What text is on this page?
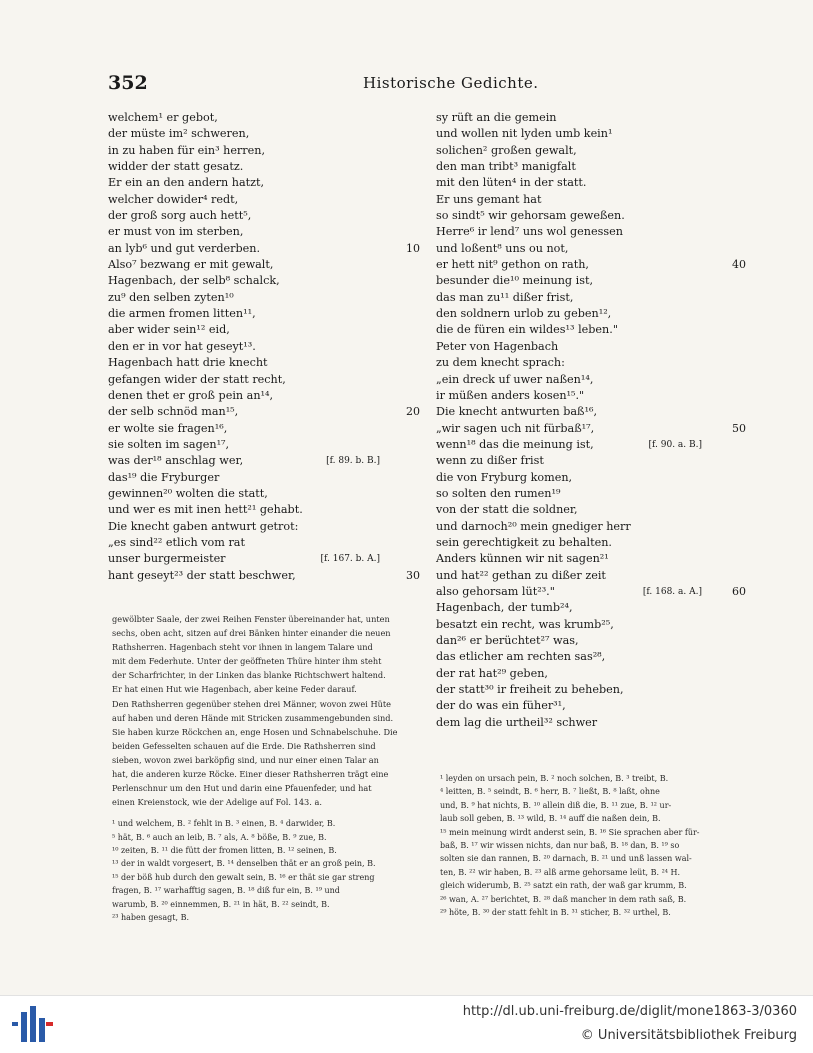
352	Historische Gedichte.
welchem¹ er gebot,
der müste im² schweren,
in zu haben für ein³ herren,
widder der statt gesatz.
Er ein an den andern hatzt,
welcher dowider⁴ redt,
der groß sorg auch hett⁵,
er must von im sterben,
an lyb⁶ und gut verderben.	10
Also⁷ bezwang er mit gewalt,
Hagenbach, der selb⁸ schalck,
zu⁹ den selben zyten¹⁰
die armen fromen litten¹¹,
aber wider sein¹² eid,
den er in vor hat geseyt¹³.
Hagenbach hatt drie knecht
gefangen wider der statt recht,
denen thet er groß pein an¹⁴,
der selb schnöd man¹⁵,	20
er wolte sie fragen¹⁶,
sie solten im sagen¹⁷,
was der¹⁸ anschlag wer,	[f. 89. b. B.]
das¹⁹ die Fryburger
gewinnen²⁰ wolten die statt,
und wer es mit inen hett²¹ gehabt.
Die knecht gaben antwurt getrot:
„es sind²² etlich vom rat
unser burgermeister	[f. 167. b. A.]
hant geseyt²³ der statt beschwer,	30
sy rüft an die gemein
und wollen nit lyden umb kein¹
solichen² großen gewalt,
den man tribt³ manigfalt
mit den lüten⁴ in der statt.
Er uns gemant hat
so sindt⁵ wir gehorsam geweßen.
Herre⁶ ir lend⁷ uns wol genessen
und loßent⁸ uns ou not,
er hett nit⁹ gethon on rath,	40
besunder die¹⁰ meinung ist,
das man zu¹¹ dißer frist,
den soldnern urlob zu geben¹²,
die de füren ein wildes¹³ leben."
Peter von Hagenbach
zu dem knecht sprach:
„ein dreck uf uwer naßen¹⁴,
ir müßen anders kosen¹⁵."
Die knecht antwurten baß¹⁶,
„wir sagen uch nit fürbaß¹⁷,	50
wenn¹⁸ das die meinung ist,	[f. 90. a. B.]
wenn zu dißer frist
die von Fryburg komen,
so solten den rumen¹⁹
von der statt die soldner,
und darnoch²⁰ mein gnediger herr
sein gerechtigkeit zu behalten.
Anders künnen wir nit sagen²¹
und hat²² gethan zu dißer zeit
also gehorsam lüt²³."	[f. 168. a. A.]	60
Hagenbach, der tumb²⁴,
besatzt ein recht, was krumb²⁵,
dan²⁶ er berüchtet²⁷ was,
das etlicher am rechten sas²⁸,
der rat hat²⁹ geben,
der statt³⁰ ir freiheit zu beheben,
der do was ein füher³¹,
dem lag die urtheil³² schwer
gewölbter Saale, der zwei Reihen Fenster übereinander hat, unten
sechs, oben acht, sitzen auf drei Bänken hinter einander die neuen
Rathsherren. Hagenbach steht vor ihnen in langem Talare und
mit dem Federhute. Unter der geöffneten Thüre hinter ihm steht
der Scharfrichter, in der Linken das blanke Richtschwert haltend.
Er hat einen Hut wie Hagenbach, aber keine Feder darauf.
Den Rathsherren gegenüber stehen drei Männer, wovon zwei Hüte
auf haben und deren Hände mit Stricken zusammengebunden sind.
Sie haben kurze Röckchen an, enge Hosen und Schnabelschuhe. Die
beiden Gefesselten schauen auf die Erde. Die Rathsherren sind
sieben, wovon zwei barköpfig sind, und nur einer einen Talar an
hat, die anderen kurze Röcke. Einer dieser Rathsherren trägt eine
Perlenschnur um den Hut und darin eine Pfauenfeder, und hat
einen Kreienstock, wie der Adelige auf Fol. 143. a.
¹ und welchem, B. ² fehlt in B. ³ einen, B. ⁴ darwider, B.
⁵ hät, B. ⁶ auch an leib, B. ⁷ als, A. ⁸ böße, B. ⁹ zue, B.
¹⁰ zeiten, B. ¹¹ die fütt der fromen litten, B. ¹² seinen, B.
¹³ der in waldt vorgesert, B. ¹⁴ denselben thät er an groß pein, B.
¹⁵ der böß hub durch den gewalt sein, B. ¹⁶ er thät sie gar streng
fragen, B. ¹⁷ warhafftig sagen, B. ¹⁸ diß fur ein, B. ¹⁹ und
warumb, B. ²⁰ einnemmen, B. ²¹ in hät, B. ²² seindt, B.
²³ haben gesagt, B.
¹ leyden on ursach pein, B. ² noch solchen, B. ³ treibt, B.
⁴ leitten, B. ⁵ seindt, B. ⁶ herr, B. ⁷ ließt, B. ⁸ laßt, ohne
und, B. ⁹ hat nichts, B. ¹⁰ allein diß die, B. ¹¹ zue, B. ¹² ur-
laub soll geben, B. ¹³ wild, B. ¹⁴ auff die naßen dein, B.
¹⁵ mein meinung wirdt anderst sein, B. ¹⁶ Sie sprachen aber für-
baß, B. ¹⁷ wir wissen nichts, dan nur baß, B. ¹⁸ dan, B. ¹⁹ so
solten sie dan rannen, B. ²⁰ darnach, B. ²¹ und unß lassen wal-
ten, B. ²² wir haben, B. ²³ alß arme gehorsame leüt, B. ²⁴ H.
gleich widerumb, B. ²⁵ satzt ein rath, der waß gar krumm, B.
²⁶ wan, A. ²⁷ berichtet, B. ²⁸ daß mancher in dem rath saß, B.
²⁹ höte, B. ³⁰ der statt fehlt in B. ³¹ sticher, B. ³² urthel, B.
http://dl.ub.uni-freiburg.de/diglit/mone1863-3/0360
© Universitätsbibliothek Freiburg
